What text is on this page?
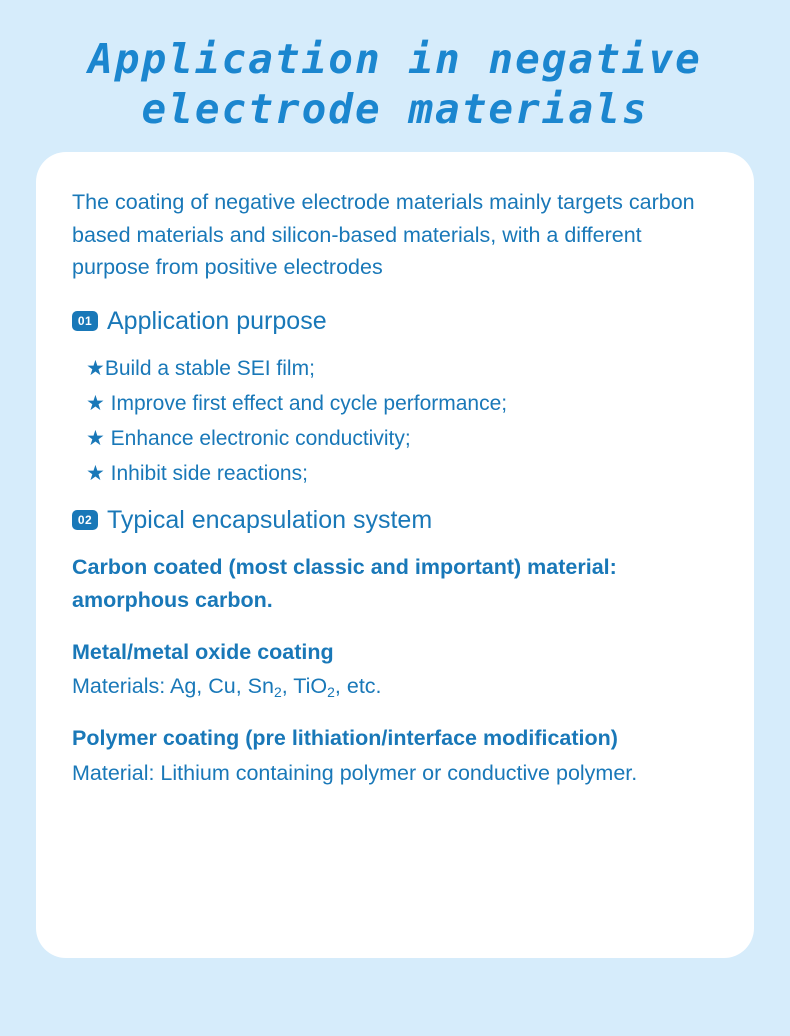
Application in negative
electrode materials

The coating of negative electrode materials mainly targets carbon based materials and silicon-based materials, with a different purpose from positive electrodes

01 Application purpose
★Build a stable SEI film;
★ Improve first effect and cycle performance;
★ Enhance electronic conductivity;
★ Inhibit side reactions;
02 Typical encapsulation system

Carbon coated (most classic and important) material: amorphous carbon.

Metal/metal oxide coating

Materials: Ag, Cu, $Sn_2$, TiO$_2$, etc.

Polymer coating (pre lithiation/interface modification)

Material: Lithium containing polymer or conductive polymer.
